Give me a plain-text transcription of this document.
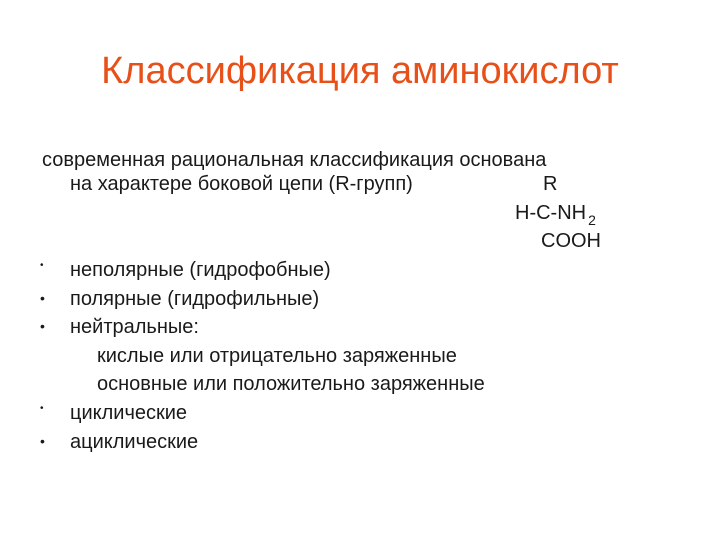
Классификация аминокислот
современная рациональная классификация основана
на характере боковой цепи (R-групп)	R
H-C-NH $_2$
COOH
• неполярные (гидрофобные)
• полярные (гидрофильные)
• нейтральные:
кислые или отрицательно заряженные
основные или положительно заряженные
• циклические
• ациклические
